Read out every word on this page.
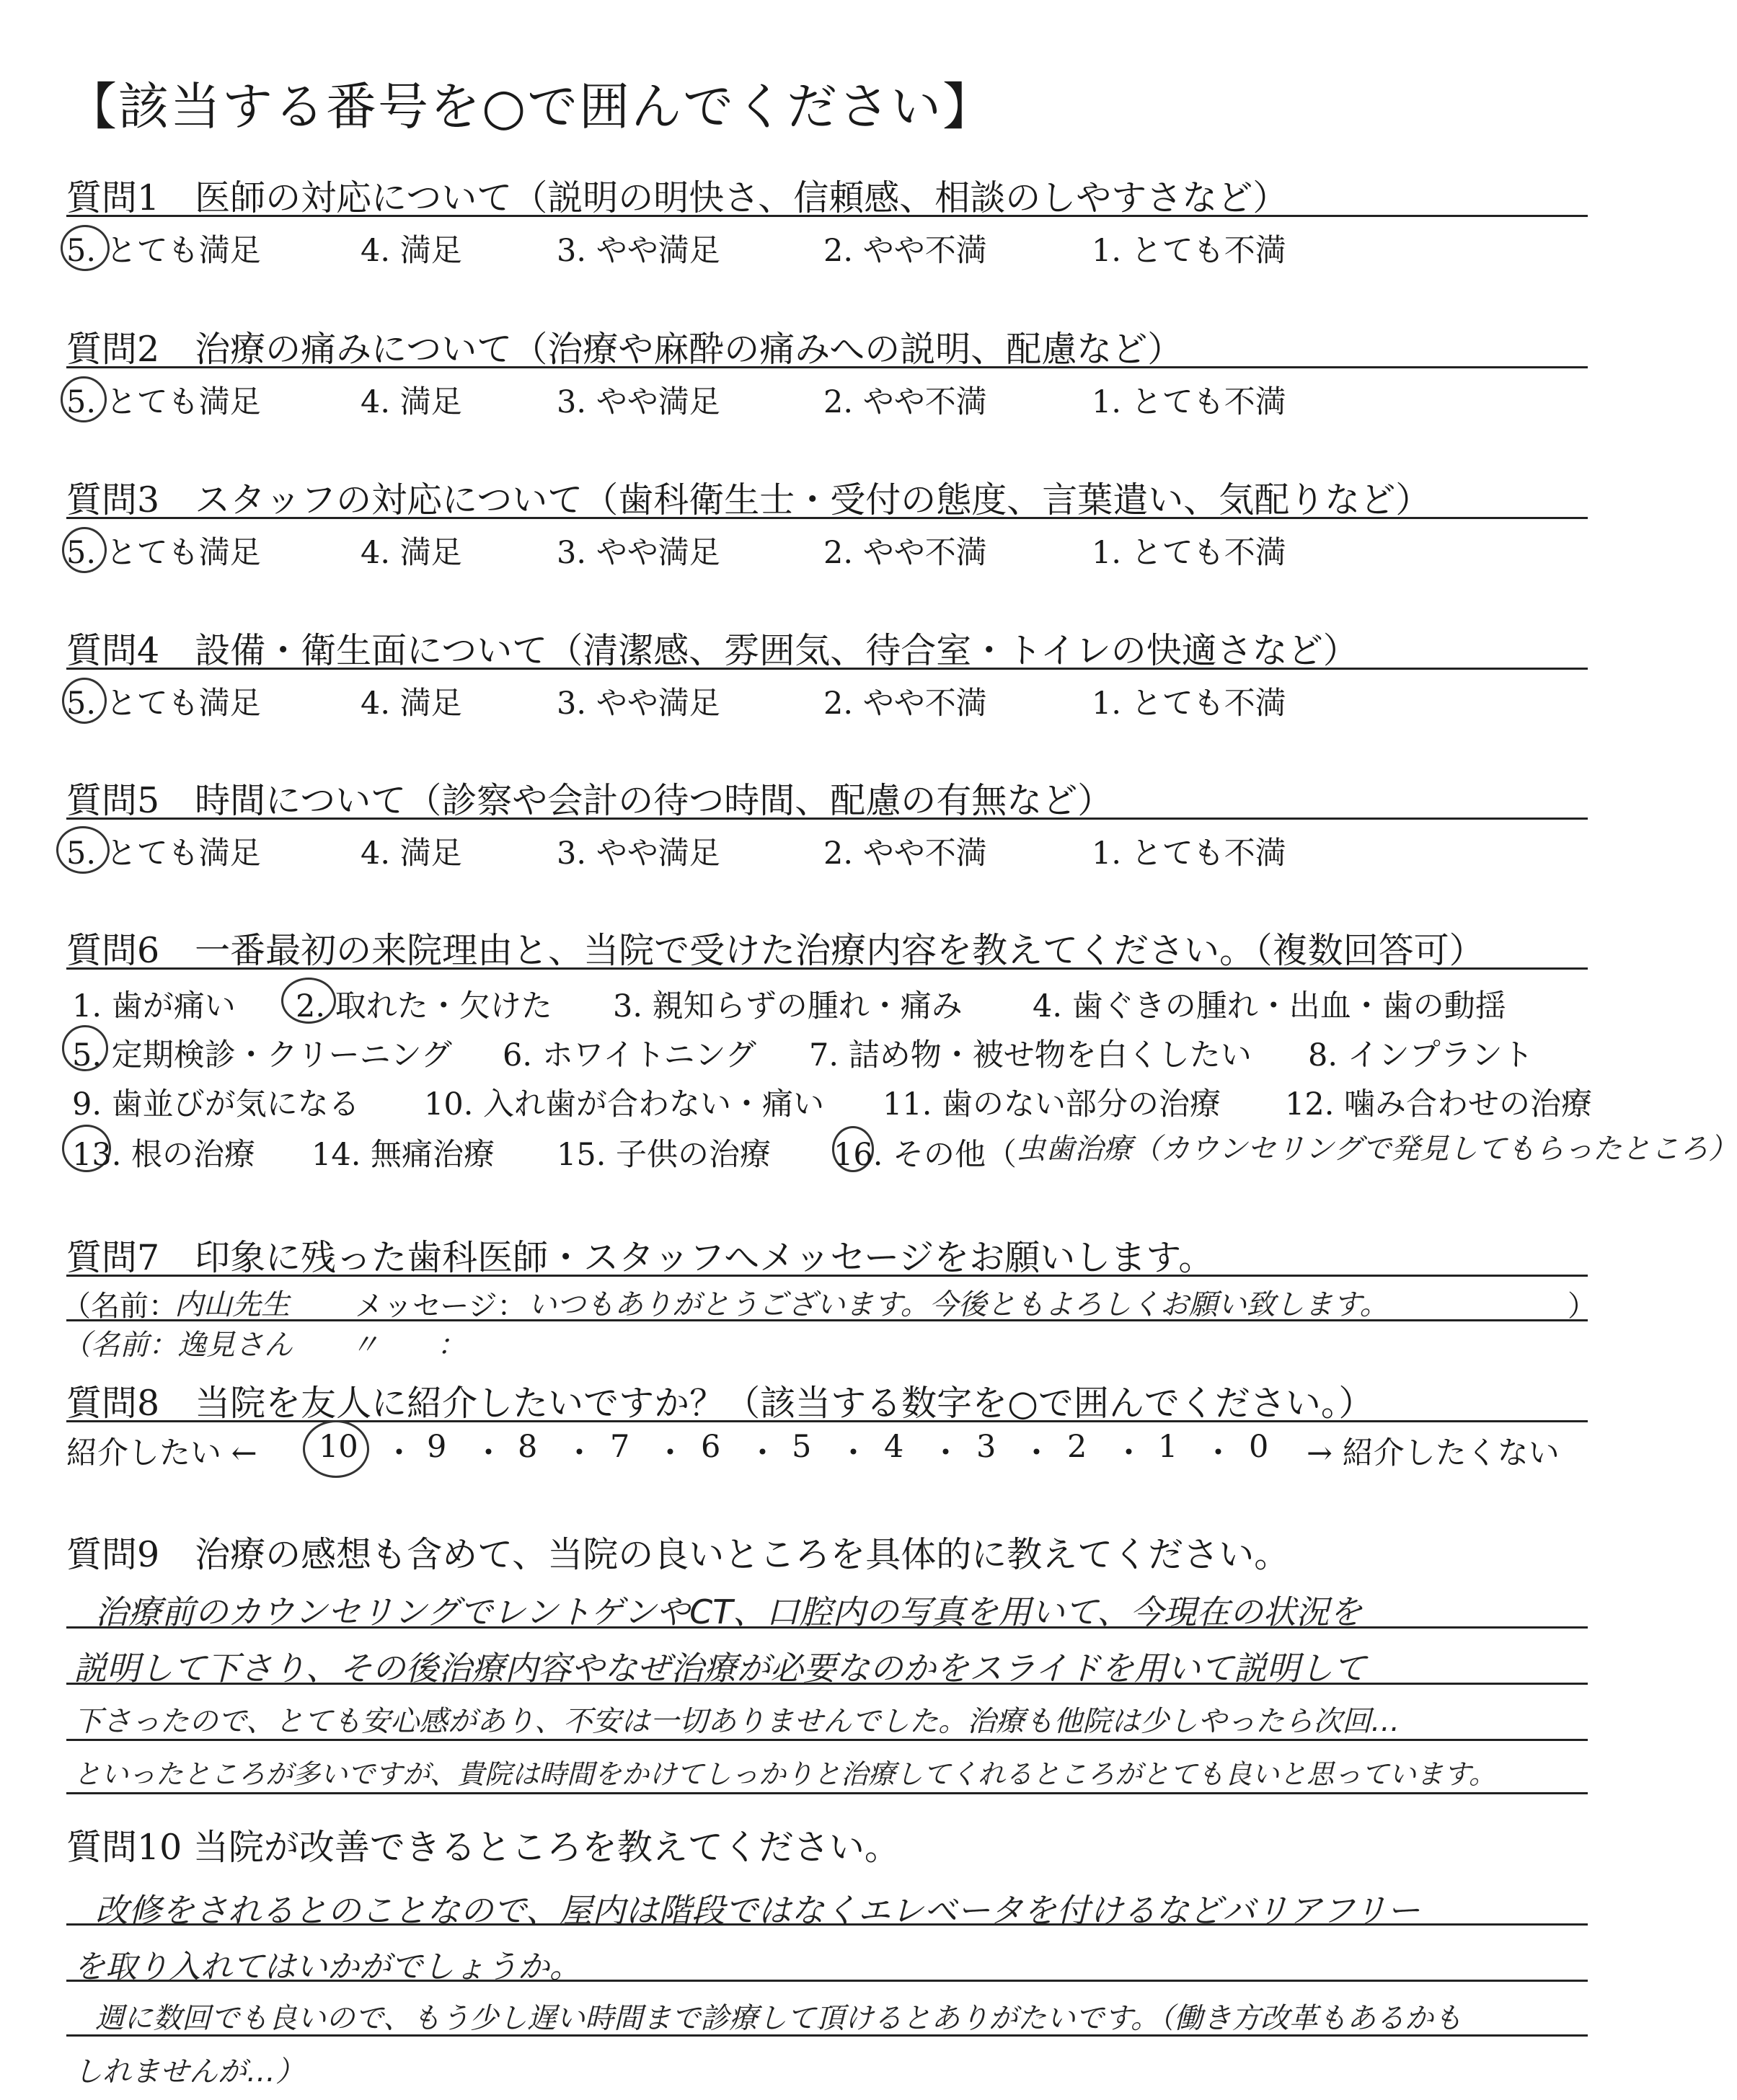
【該当する番号を○で囲んでください】
質問1　医師の対応について（説明の明快さ、信頼感、相談のしやすさなど）
5. とても満足	4. 満足	3. やや満足	2. やや不満	1. とても不満
質問2　治療の痛みについて（治療や麻酔の痛みへの説明、配慮など）
5. とても満足	4. 満足	3. やや満足	2. やや不満	1. とても不満
質問3　スタッフの対応について（歯科衛生士・受付の態度、言葉遣い、気配りなど）
5. とても満足	4. 満足	3. やや満足	2. やや不満	1. とても不満
質問4　設備・衛生面について（清潔感、雰囲気、待合室・トイレの快適さなど）
5. とても満足	4. 満足	3. やや満足	2. やや不満	1. とても不満
質問5　時間について（診察や会計の待つ時間、配慮の有無など）
5. とても満足	4. 満足	3. やや満足	2. やや不満	1. とても不満
質問6　一番最初の来院理由と、当院で受けた治療内容を教えてください。（複数回答可）
1. 歯が痛い 2. 取れた・欠けた 3. 親知らずの腫れ・痛み 4. 歯ぐきの腫れ・出血・歯の動揺
5. 定期検診・クリーニング 6. ホワイトニング 7. 詰め物・被せ物を白くしたい 8. インプラント
9. 歯並びが気になる 10. 入れ歯が合わない・痛い 11. 歯のない部分の治療 12. 噛み合わせの治療
13. 根の治療 14. 無痛治療 15. 子供の治療 16. その他（ 虫歯治療（カウンセリングで発見してもらったところ）
質問7　印象に残った歯科医師・スタッフへメッセージをお願いします。
（名前：
内山先生 メッセージ： いつもありがとうございます。今後ともよろしくお願い致します。	）
（名前：逸見さん　　〃　　：
質問8　当院を友人に紹介したいですか？（該当する数字を○で囲んでください。）
紹介したい ← 10 ・ 9 ・ 8 ・ 7 ・ 6 ・ 5 ・ 4 ・ 3 ・ 2 ・ 1 ・ 0 → 紹介したくない
質問9　治療の感想も含めて、当院の良いところを具体的に教えてください。
治療前のカウンセリングでレントゲンやCT、口腔内の写真を用いて、今現在の状況を
説明して下さり、その後治療内容やなぜ治療が必要なのかをスライドを用いて説明して
下さったので、とても安心感があり、不安は一切ありませんでした。治療も他院は少しやったら次回…
といったところが多いですが、貴院は時間をかけてしっかりと治療してくれるところがとても良いと思っています。
質問10 当院が改善できるところを教えてください。
改修をされるとのことなので、屋内は階段ではなくエレベータを付けるなどバリアフリー
を取り入れてはいかがでしょうか。
週に数回でも良いので、もう少し遅い時間まで診療して頂けるとありがたいです。（働き方改革もあるかも
しれませんが…）
